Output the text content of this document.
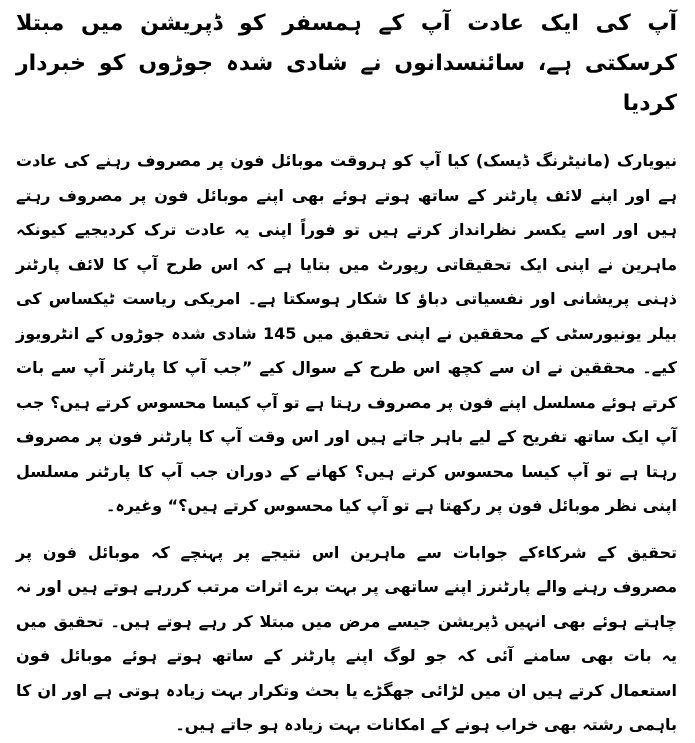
آپ کی ایک عادت آپ کے ہمسفر کو ڈپریشن میں مبتلا کرسکتی ہے، سائنسدانوں نے شادی شدہ جوڑوں کو خبردار کردیا

نیویارک (مانیٹرنگ ڈیسک) کیا آپ کو ہروقت موبائل فون پر مصروف رہنے کی عادت ہے اور اپنے لائف پارٹنر کے ساتھ ہوتے ہوئے بھی اپنے موبائل فون پر مصروف رہتے ہیں اور اسے یکسر نظرانداز کرتے ہیں تو فوراً اپنی یہ عادت ترک کردیجیے کیونکہ ماہرین نے اپنی ایک تحقیقاتی رپورٹ میں بتایا ہے کہ اس طرح آپ کا لائف پارٹنر ذہنی پریشانی اور نفسیاتی دباﺅ کا شکار ہوسکتا ہے۔ امریکی ریاست ٹیکساس کی بیلر یونیورسٹی کے محققین نے اپنی تحقیق میں 145 شادی شدہ جوڑوں کے انٹرویوز کیے۔ محققین نے ان سے کچھ اس طرح کے سوال کیے ”جب آپ کا پارٹنر آپ سے بات کرتے ہوئے مسلسل اپنے فون پر مصروف رہتا ہے تو آپ کیسا محسوس کرتے ہیں؟ جب آپ ایک ساتھ تفریح کے لیے باہر جاتے ہیں اور اس وقت آپ کا پارٹنر فون پر مصروف رہتا ہے تو آپ کیسا محسوس کرتے ہیں؟ کھانے کے دوران جب آپ کا پارٹنر مسلسل اپنی نظر موبائل فون پر رکھتا ہے تو آپ کیا محسوس کرتے ہیں؟“ وغیرہ۔

تحقیق کے شرکاءکے جوابات سے ماہرین اس نتیجے پر پہنچے کہ موبائل فون پر مصروف رہنے والے پارٹنرز اپنے ساتھی پر بہت برے اثرات مرتب کررہے ہوتے ہیں اور نہ چاہتے ہوئے بھی انہیں ڈپریشن جیسے مرض میں مبتلا کر رہے ہوتے ہیں۔ تحقیق میں یہ بات بھی سامنے آئی کہ جو لوگ اپنے پارٹنر کے ساتھ ہوتے ہوئے موبائل فون استعمال کرتے ہیں ان میں لڑائی جھگڑے یا بحث وتکرار بہت زیادہ ہوتی ہے اور ان کا باہمی رشتہ بھی خراب ہونے کے امکانات بہت زیادہ ہو جاتے ہیں۔
